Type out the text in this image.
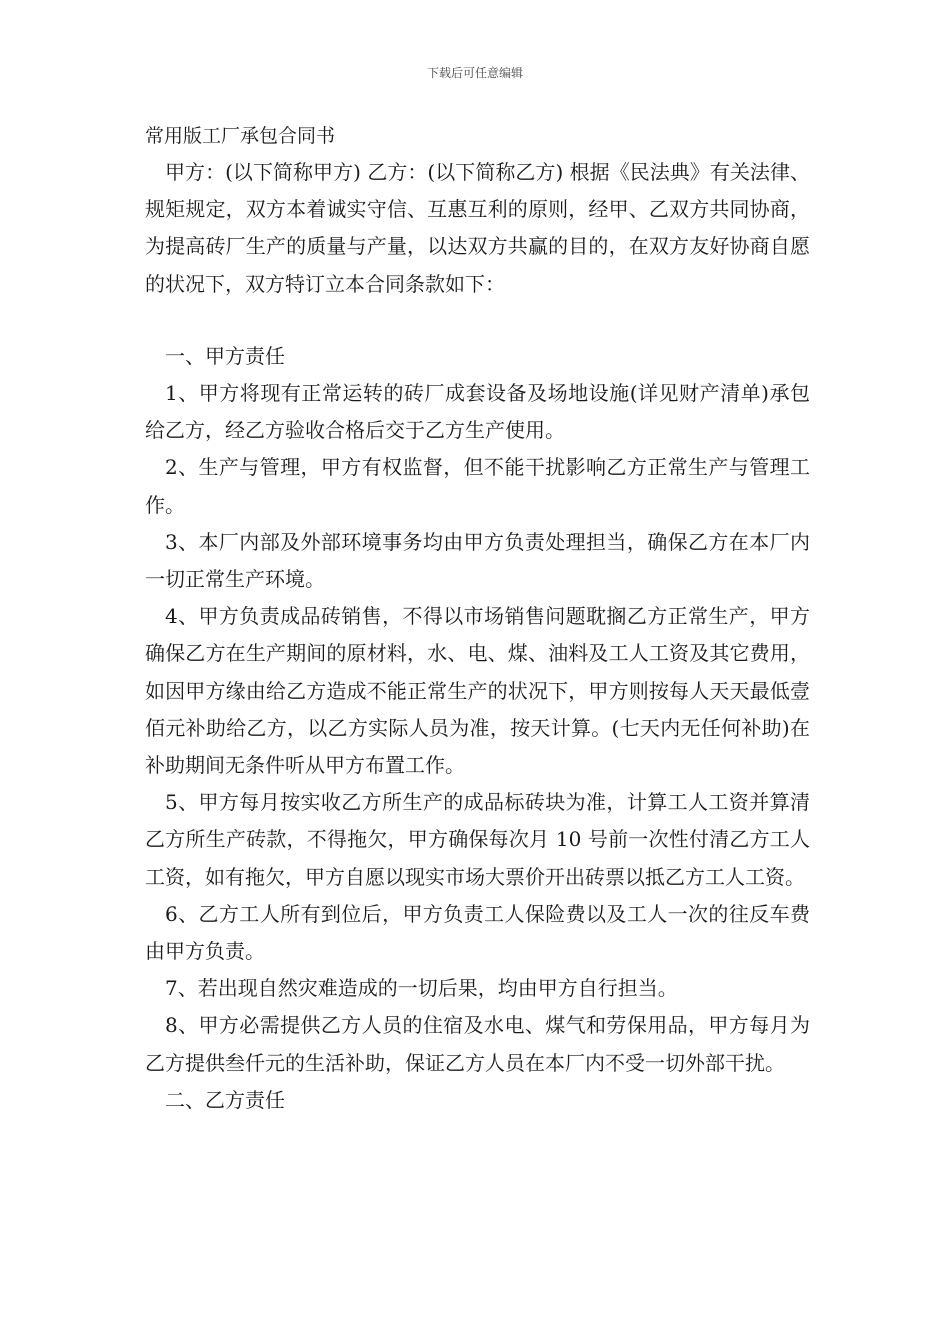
下载后可任意编辑

常用版工厂承包合同书

甲方：(以下简称甲方) 乙方：(以下简称乙方) 根据《民法典》有关法律、规矩规定，双方本着诚实守信、互惠互利的原则，经甲、乙双方共同协商，为提高砖厂生产的质量与产量，以达双方共赢的目的，在双方友好协商自愿的状况下，双方特订立本合同条款如下：

一、甲方责任

1、甲方将现有正常运转的砖厂成套设备及场地设施(详见财产清单)承包给乙方，经乙方验收合格后交于乙方生产使用。

2、生产与管理，甲方有权监督，但不能干扰影响乙方正常生产与管理工作。

3、本厂内部及外部环境事务均由甲方负责处理担当，确保乙方在本厂内一切正常生产环境。

4、甲方负责成品砖销售，不得以市场销售问题耽搁乙方正常生产，甲方确保乙方在生产期间的原材料，水、电、煤、油料及工人工资及其它费用，如因甲方缘由给乙方造成不能正常生产的状况下，甲方则按每人天天最低壹佰元补助给乙方，以乙方实际人员为准，按天计算。(七天内无任何补助)在补助期间无条件听从甲方布置工作。

5、甲方每月按实收乙方所生产的成品标砖块为准，计算工人工资并算清乙方所生产砖款，不得拖欠，甲方确保每次月 10 号前一次性付清乙方工人工资，如有拖欠，甲方自愿以现实市场大票价开出砖票以抵乙方工人工资。

6、乙方工人所有到位后，甲方负责工人保险费以及工人一次的往反车费由甲方负责。

7、若出现自然灾难造成的一切后果，均由甲方自行担当。

8、甲方必需提供乙方人员的住宿及水电、煤气和劳保用品，甲方每月为乙方提供叁仟元的生活补助，保证乙方人员在本厂内不受一切外部干扰。

二、乙方责任
